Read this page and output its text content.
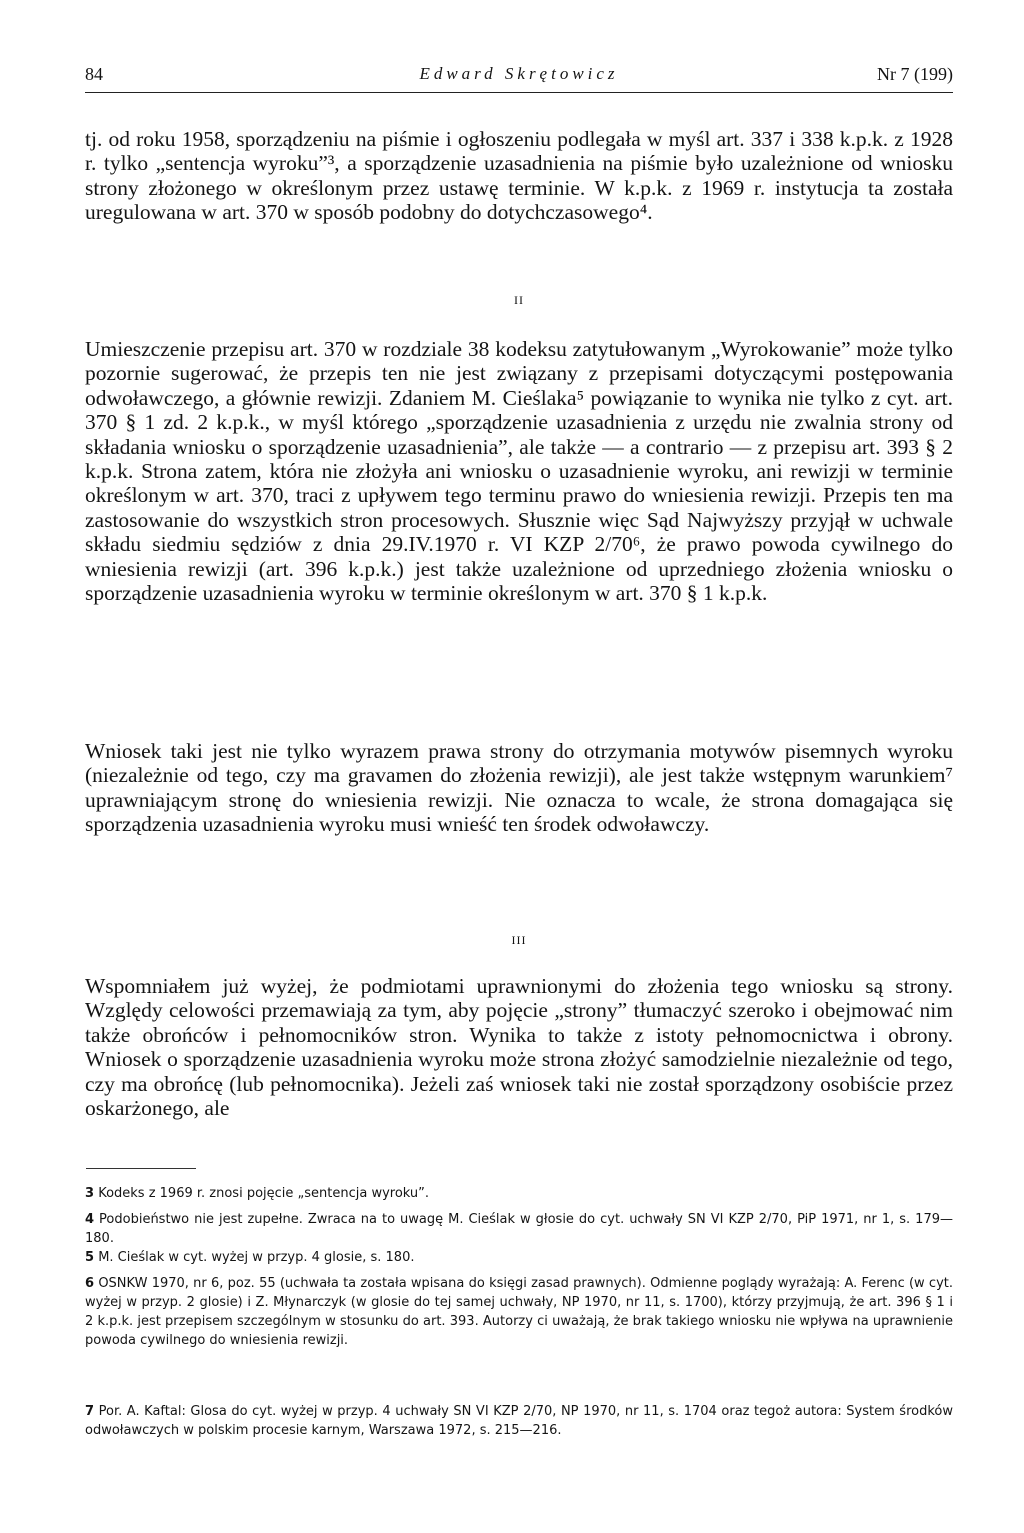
84	Edward Skrętowicz	Nr 7 (199)

tj. od roku 1958, sporządzeniu na piśmie i ogłoszeniu podlegała w myśl art. 337 i 338 k.p.k. z 1928 r. tylko „sentencja wyroku”³, a sporządzenie uzasadnienia na piśmie było uzależnione od wniosku strony złożonego w określonym przez ustawę terminie. W k.p.k. z 1969 r. instytucja ta została uregulowana w art. 370 w sposób podobny do dotychczasowego⁴.

II

Umieszczenie przepisu art. 370 w rozdziale 38 kodeksu zatytułowanym „Wyrokowanie” może tylko pozornie sugerować, że przepis ten nie jest związany z przepisami dotyczącymi postępowania odwoławczego, a głównie rewizji. Zdaniem M. Cieślaka⁵ powiązanie to wynika nie tylko z cyt. art. 370 § 1 zd. 2 k.p.k., w myśl którego „sporządzenie uzasadnienia z urzędu nie zwalnia strony od składania wniosku o sporządzenie uzasadnienia”, ale także — a contrario — z przepisu art. 393 § 2 k.p.k. Strona zatem, która nie złożyła ani wniosku o uzasadnienie wyroku, ani rewizji w terminie określonym w art. 370, traci z upływem tego terminu prawo do wniesienia rewizji. Przepis ten ma zastosowanie do wszystkich stron procesowych. Słusznie więc Sąd Najwyższy przyjął w uchwale składu siedmiu sędziów z dnia 29.IV.1970 r. VI KZP 2/70⁶, że prawo powoda cywilnego do wniesienia rewizji (art. 396 k.p.k.) jest także uzależnione od uprzedniego złożenia wniosku o sporządzenie uzasadnienia wyroku w terminie określonym w art. 370 § 1 k.p.k.

Wniosek taki jest nie tylko wyrazem prawa strony do otrzymania motywów pisemnych wyroku (niezależnie od tego, czy ma gravamen do złożenia rewizji), ale jest także wstępnym warunkiem⁷ uprawniającym stronę do wniesienia rewizji. Nie oznacza to wcale, że strona domagająca się sporządzenia uzasadnienia wyroku musi wnieść ten środek odwoławczy.

III

Wspomniałem już wyżej, że podmiotami uprawnionymi do złożenia tego wniosku są strony. Względy celowości przemawiają za tym, aby pojęcie „strony” tłumaczyć szeroko i obejmować nim także obrońców i pełnomocników stron. Wynika to także z istoty pełnomocnictwa i obrony. Wniosek o sporządzenie uzasadnienia wyroku może strona złożyć samodzielnie niezależnie od tego, czy ma obrońcę (lub pełnomocnika). Jeżeli zaś wniosek taki nie został sporządzony osobiście przez oskarżonego, ale

3 Kodeks z 1969 r. znosi pojęcie „sentencja wyroku”.

4 Podobieństwo nie jest zupełne. Zwraca na to uwagę M. Cieślak w głosie do cyt. uchwały SN VI KZP 2/70, PiP 1971, nr 1, s. 179—180.

5 M. Cieślak w cyt. wyżej w przyp. 4 glosie, s. 180.

6 OSNKW 1970, nr 6, poz. 55 (uchwała ta została wpisana do księgi zasad prawnych). Odmienne poglądy wyrażają: A. Ferenc (w cyt. wyżej w przyp. 2 glosie) i Z. Młynarczyk (w glosie do tej samej uchwały, NP 1970, nr 11, s. 1700), którzy przyjmują, że art. 396 § 1 i 2 k.p.k. jest przepisem szczególnym w stosunku do art. 393. Autorzy ci uważają, że brak takiego wniosku nie wpływa na uprawnienie powoda cywilnego do wniesienia rewizji.

7 Por. A. Kaftal: Glosa do cyt. wyżej w przyp. 4 uchwały SN VI KZP 2/70, NP 1970, nr 11, s. 1704 oraz tegoż autora: System środków odwoławczych w polskim procesie karnym, Warszawa 1972, s. 215—216.
